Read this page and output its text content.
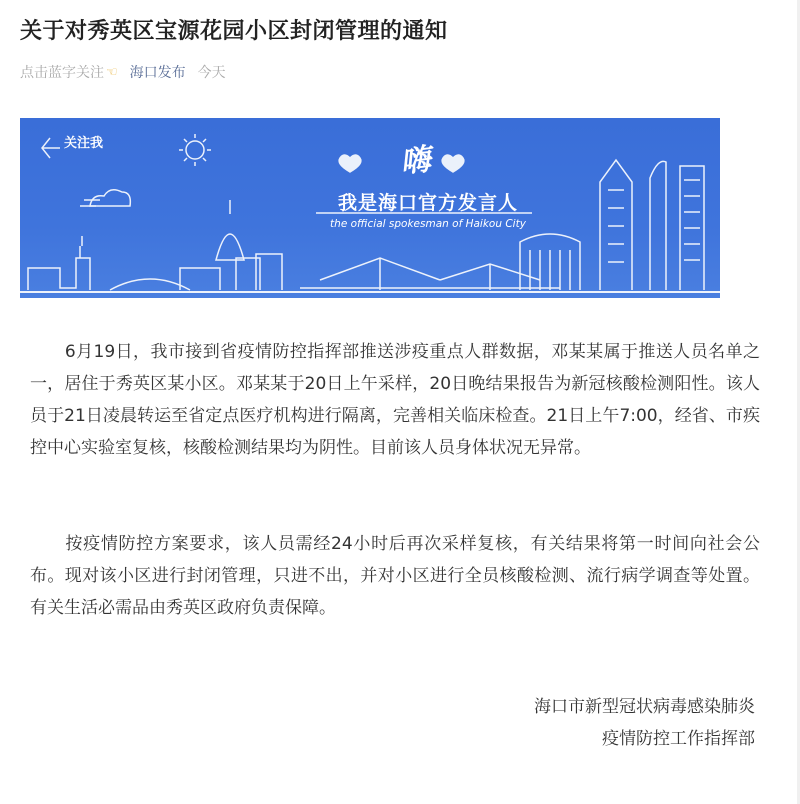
关于对秀英区宝源花园小区封闭管理的通知
点击蓝字关注 ☜ 海口发布 今天
关注我	嗨
我是海口官方发言人
the official spokesman of Haikou City

　　6月19日，我市接到省疫情防控指挥部推送涉疫重点人群数据，邓某某属于推送人员名单之一，居住于秀英区某小区。邓某某于20日上午采样，20日晚结果报告为新冠核酸检测阳性。该人员于21日凌晨转运至省定点医疗机构进行隔离，完善相关临床检查。21日上午7:00，经省、市疾控中心实验室复核，核酸检测结果均为阴性。目前该人员身体状况无异常。

　　按疫情防控方案要求，该人员需经24小时后再次采样复核，有关结果将第一时间向社会公布。现对该小区进行封闭管理，只进不出，并对小区进行全员核酸检测、流行病学调查等处置。有关生活必需品由秀英区政府负责保障。

海口市新型冠状病毒感染肺炎
疫情防控工作指挥部
